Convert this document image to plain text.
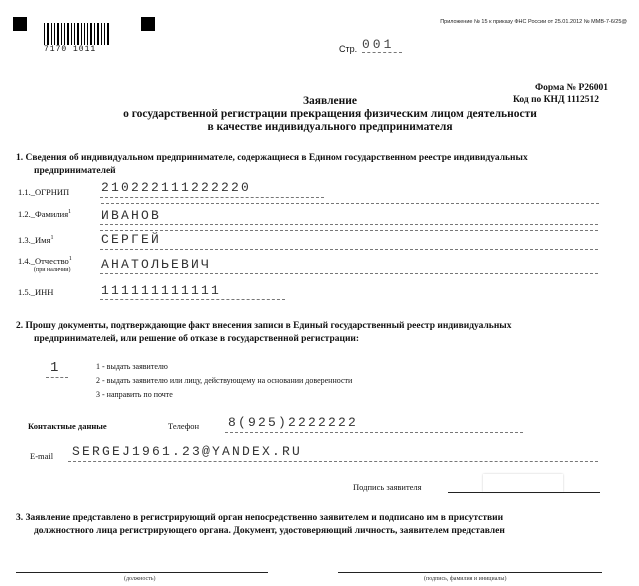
7170 1011
Приложение № 15 к приказу ФНС России от 25.01.2012 № ММВ-7-6/25@
Стр. 001
Форма № Р26001
Код по КНД 1112512
Заявление
о государственной регистрации прекращения физическим лицом деятельности
в качестве индивидуального предпринимателя
1. Сведения об индивидуальном предпринимателе, содержащиеся в Едином государственном реестре индивидуальных
предпринимателей
1.1._ОГРНИП 210222111222220
1.2._Фамилия$^1$ ИВАНОВ
1.3._Имя$^1$	СЕРГЕЙ
1.4._Отчество$^1$
(при наличии) АНАТОЛЬЕВИЧ
1.5._ИНН	111111111111
2. Прошу документы, подтверждающие факт внесения записи в Единый государственный реестр индивидуальных
предпринимателей, или решение об отказе в государственной регистрации:
1	1 - выдать заявителю
2 - выдать заявителю или лицу, действующему на основании доверенности
3 - направить по почте
Контактные данные	Телефон 8(925)2222222
E-mail SERGEJ1961.23@YANDEX.RU
Подпись заявителя
3. Заявление представлено в регистрирующий орган непосредственно заявителем и подписано им в присутствии
должностного лица регистрирующего органа. Документ, удостоверяющий личность, заявителем представлен
(должность)	(подпись, фамилия и инициалы)
